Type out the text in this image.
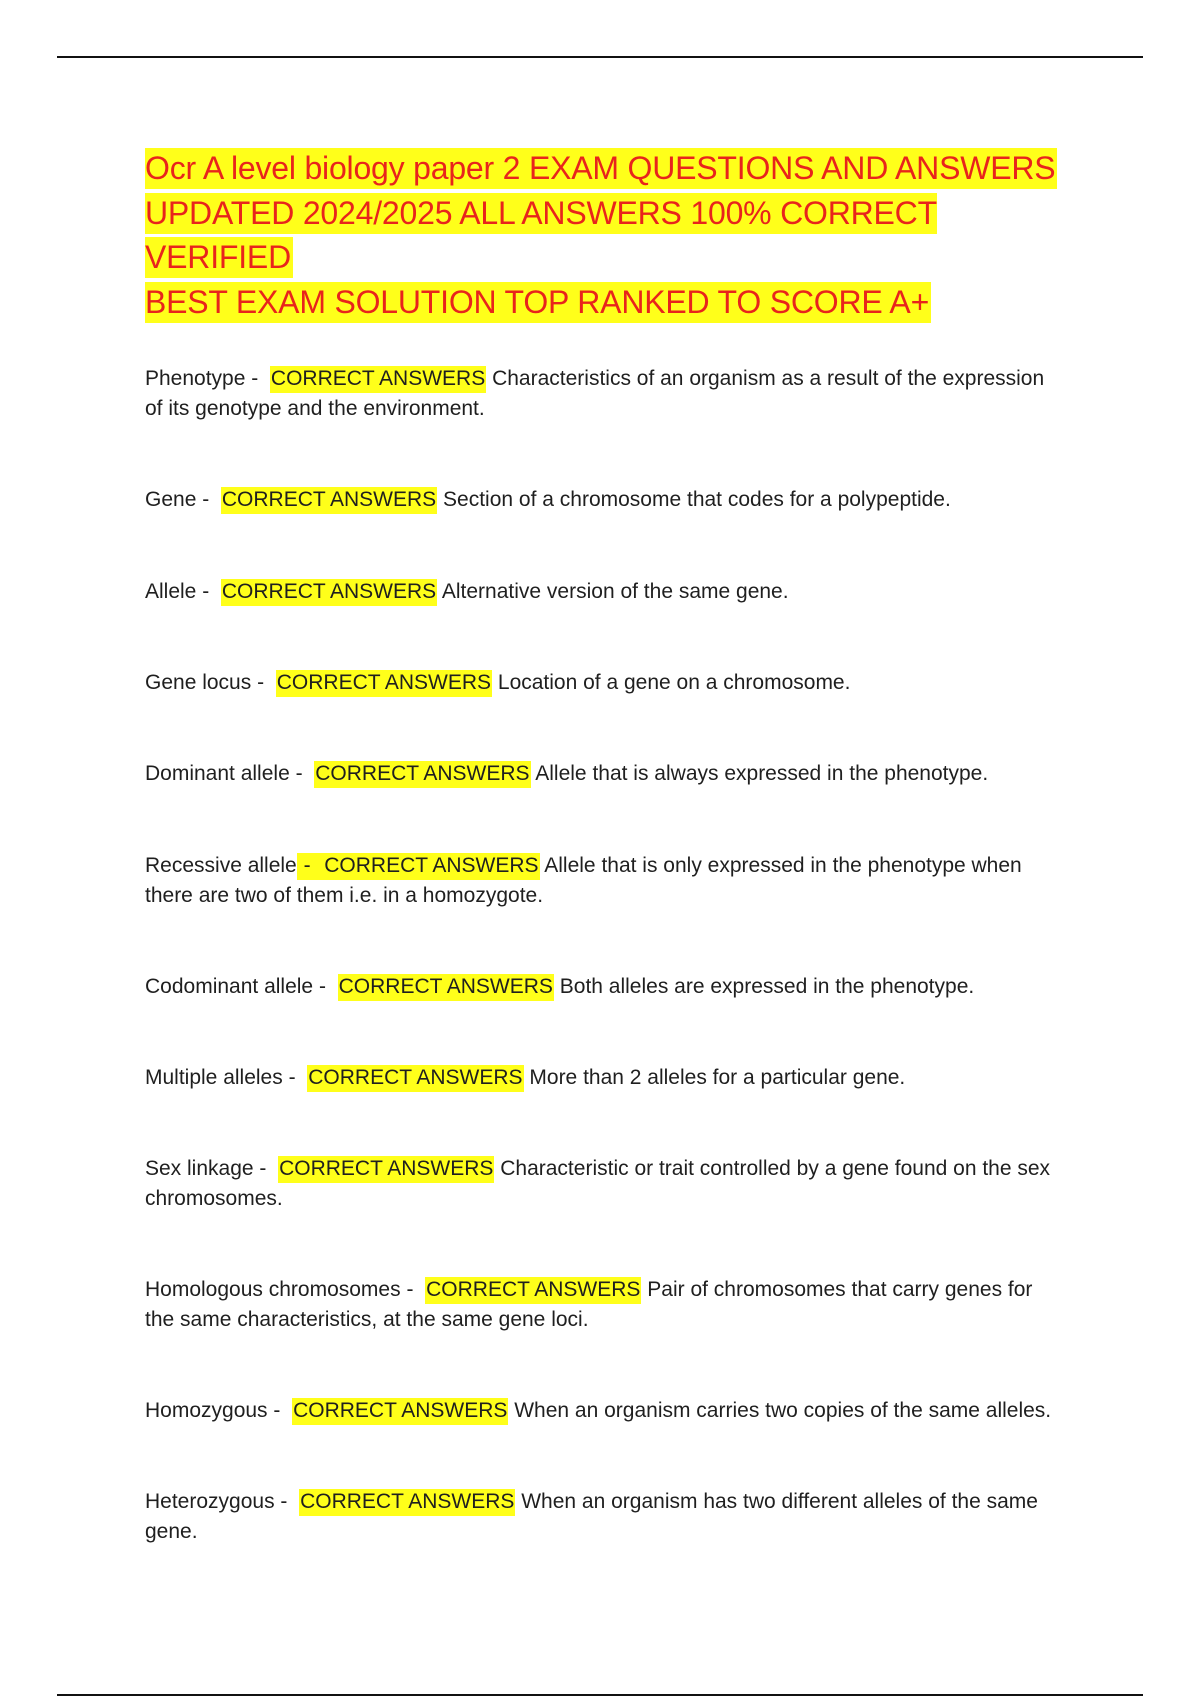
Ocr A level biology paper 2 EXAM QUESTIONS AND ANSWERS
UPDATED 2024/2025 ALL ANSWERS 100% CORRECT VERIFIED
BEST EXAM SOLUTION TOP RANKED TO SCORE A+

Phenotype -  CORRECT ANSWERS Characteristics of an organism as a result of the expression of its genotype and the environment.

Gene -  CORRECT ANSWERS Section of a chromosome that codes for a polypeptide.

Allele -  CORRECT ANSWERS Alternative version of the same gene.

Gene locus -  CORRECT ANSWERS Location of a gene on a chromosome.

Dominant allele -  CORRECT ANSWERS Allele that is always expressed in the phenotype.

Recessive allele -  CORRECT ANSWERS Allele that is only expressed in the phenotype when there are two of them i.e. in a homozygote.

Codominant allele -  CORRECT ANSWERS Both alleles are expressed in the phenotype.

Multiple alleles -  CORRECT ANSWERS More than 2 alleles for a particular gene.

Sex linkage -  CORRECT ANSWERS Characteristic or trait controlled by a gene found on the sex chromosomes.

Homologous chromosomes -  CORRECT ANSWERS Pair of chromosomes that carry genes for the same characteristics, at the same gene loci.

Homozygous -  CORRECT ANSWERS When an organism carries two copies of the same alleles.

Heterozygous -  CORRECT ANSWERS When an organism has two different alleles of the same gene.
